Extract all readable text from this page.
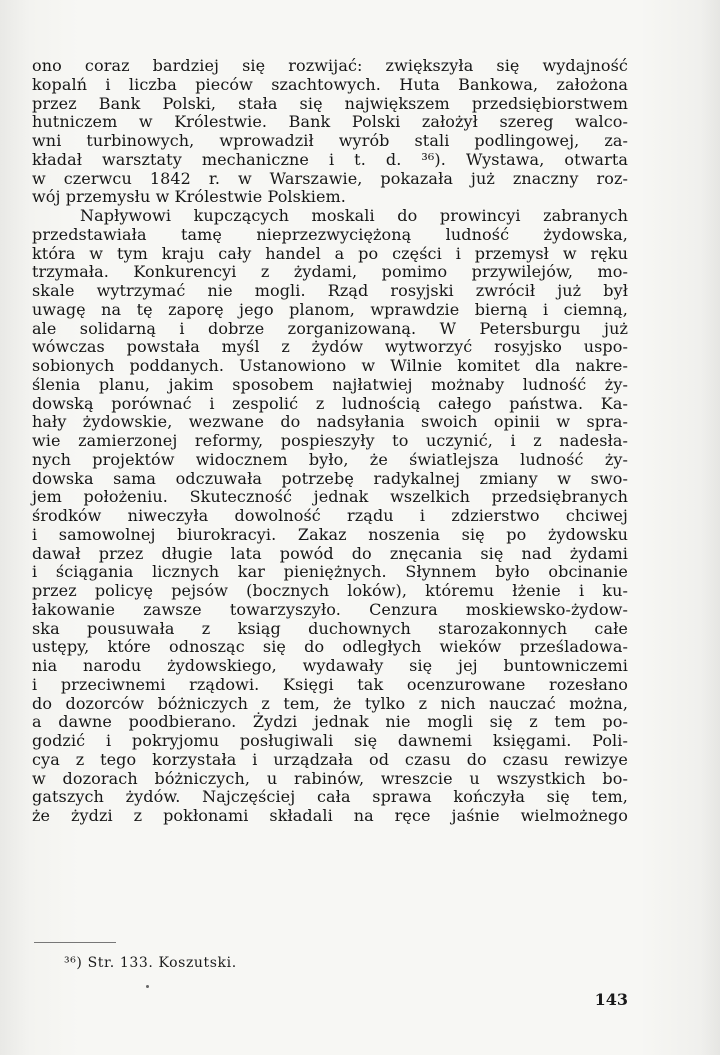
ono coraz bardziej się rozwijać: zwiększyła się wydajność
kopalń i liczba pieców szachtowych. Huta Bankowa, założona
przez Bank Polski, stała się największem przedsiębiorstwem
hutniczem w Królestwie. Bank Polski założył szereg walco-
wni turbinowych, wprowadził wyrób stali podlingowej, za-
kładał warsztaty mechaniczne i t. d. ³⁶). Wystawa, otwarta
w czerwcu 1842 r. w Warszawie, pokazała już znaczny roz-
wój przemysłu w Królestwie Polskiem.
Napływowi kupczących moskali do prowincyi zabranych
przedstawiała tamę nieprzezwyciężoną ludność żydowska,
która w tym kraju cały handel a po części i przemysł w ręku
trzymała. Konkurencyi z żydami, pomimo przywilejów, mo-
skale wytrzymać nie mogli. Rząd rosyjski zwrócił już był
uwagę na tę zaporę jego planom, wprawdzie bierną i ciemną,
ale solidarną i dobrze zorganizowaną. W Petersburgu już
wówczas powstała myśl z żydów wytworzyć rosyjsko uspo-
sobionych poddanych. Ustanowiono w Wilnie komitet dla nakre-
ślenia planu, jakim sposobem najłatwiej możnaby ludność ży-
dowską porównać i zespolić z ludnością całego państwa. Ka-
hały żydowskie, wezwane do nadsyłania swoich opinii w spra-
wie zamierzonej reformy, pospieszyły to uczynić, i z nadesła-
nych projektów widocznem było, że światlejsza ludność ży-
dowska sama odczuwała potrzebę radykalnej zmiany w swo-
jem położeniu. Skuteczność jednak wszelkich przedsiębranych
środków niweczyła dowolność rządu i zdzierstwo chciwej
i samowolnej biurokracyi. Zakaz noszenia się po żydowsku
dawał przez długie lata powód do znęcania się nad żydami
i ściągania licznych kar pieniężnych. Słynnem było obcinanie
przez policyę pejsów (bocznych loków), któremu łżenie i ku-
łakowanie zawsze towarzyszyło. Cenzura moskiewsko-żydow-
ska pousuwała z ksiąg duchownych starozakonnych całe
ustępy, które odnosząc się do odległych wieków prześladowa-
nia narodu żydowskiego, wydawały się jej buntowniczemi
i przeciwnemi rządowi. Księgi tak ocenzurowane rozesłano
do dozorców bóżniczych z tem, że tylko z nich nauczać można,
a dawne poodbierano. Żydzi jednak nie mogli się z tem po-
godzić i pokryjomu posługiwali się dawnemi księgami. Poli-
cya z tego korzystała i urządzała od czasu do czasu rewizye
w dozorach bóżniczych, u rabinów, wreszcie u wszystkich bo-
gatszych żydów. Najczęściej cała sprawa kończyła się tem,
że żydzi z pokłonami składali na ręce jaśnie wielmożnego
³⁶) Str. 133. Koszutski.
143
